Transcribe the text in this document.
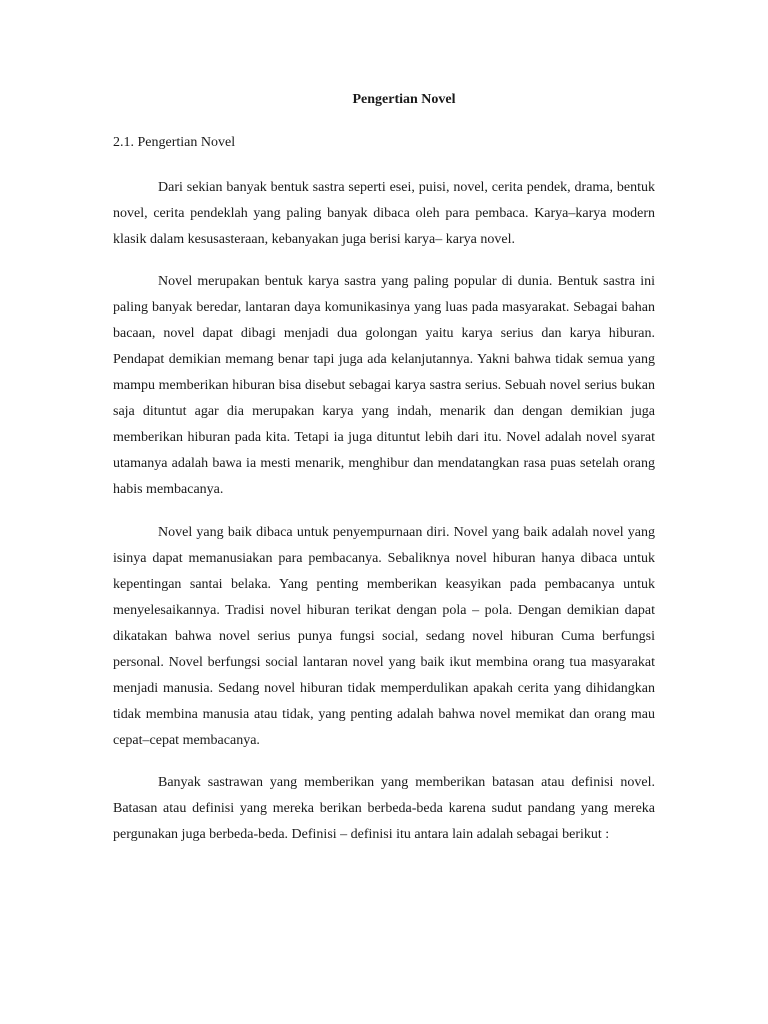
Pengertian Novel

2.1. Pengertian Novel

Dari sekian banyak bentuk sastra seperti esei, puisi, novel, cerita pendek, drama, bentuk novel, cerita pendeklah yang paling banyak dibaca oleh para pembaca. Karya–karya modern klasik dalam kesusasteraan, kebanyakan juga berisi karya– karya novel.

Novel merupakan bentuk karya sastra yang paling popular di dunia. Bentuk sastra ini paling banyak beredar, lantaran daya komunikasinya yang luas pada masyarakat. Sebagai bahan bacaan, novel dapat dibagi menjadi dua golongan yaitu karya serius dan karya hiburan. Pendapat demikian memang benar tapi juga ada kelanjutannya. Yakni bahwa tidak semua yang mampu memberikan hiburan bisa disebut sebagai karya sastra serius. Sebuah novel serius bukan saja dituntut agar dia merupakan karya yang indah, menarik dan dengan demikian juga memberikan hiburan pada kita. Tetapi ia juga dituntut lebih dari itu. Novel adalah novel syarat utamanya adalah bawa ia mesti menarik, menghibur dan mendatangkan rasa puas setelah orang habis membacanya.

Novel yang baik dibaca untuk penyempurnaan diri. Novel yang baik adalah novel yang isinya dapat memanusiakan para pembacanya. Sebaliknya novel hiburan hanya dibaca untuk kepentingan santai belaka. Yang penting memberikan keasyikan pada pembacanya untuk menyelesaikannya. Tradisi novel hiburan terikat dengan pola – pola. Dengan demikian dapat dikatakan bahwa novel serius punya fungsi social, sedang novel hiburan Cuma berfungsi personal. Novel berfungsi social lantaran novel yang baik ikut membina orang tua masyarakat menjadi manusia. Sedang novel hiburan tidak memperdulikan apakah cerita yang dihidangkan tidak membina manusia atau tidak, yang penting adalah bahwa novel memikat dan orang mau cepat–cepat membacanya.

Banyak sastrawan yang memberikan yang memberikan batasan atau definisi novel. Batasan atau definisi yang mereka berikan berbeda-beda karena sudut pandang yang mereka pergunakan juga berbeda-beda. Definisi – definisi itu antara lain adalah sebagai berikut :
